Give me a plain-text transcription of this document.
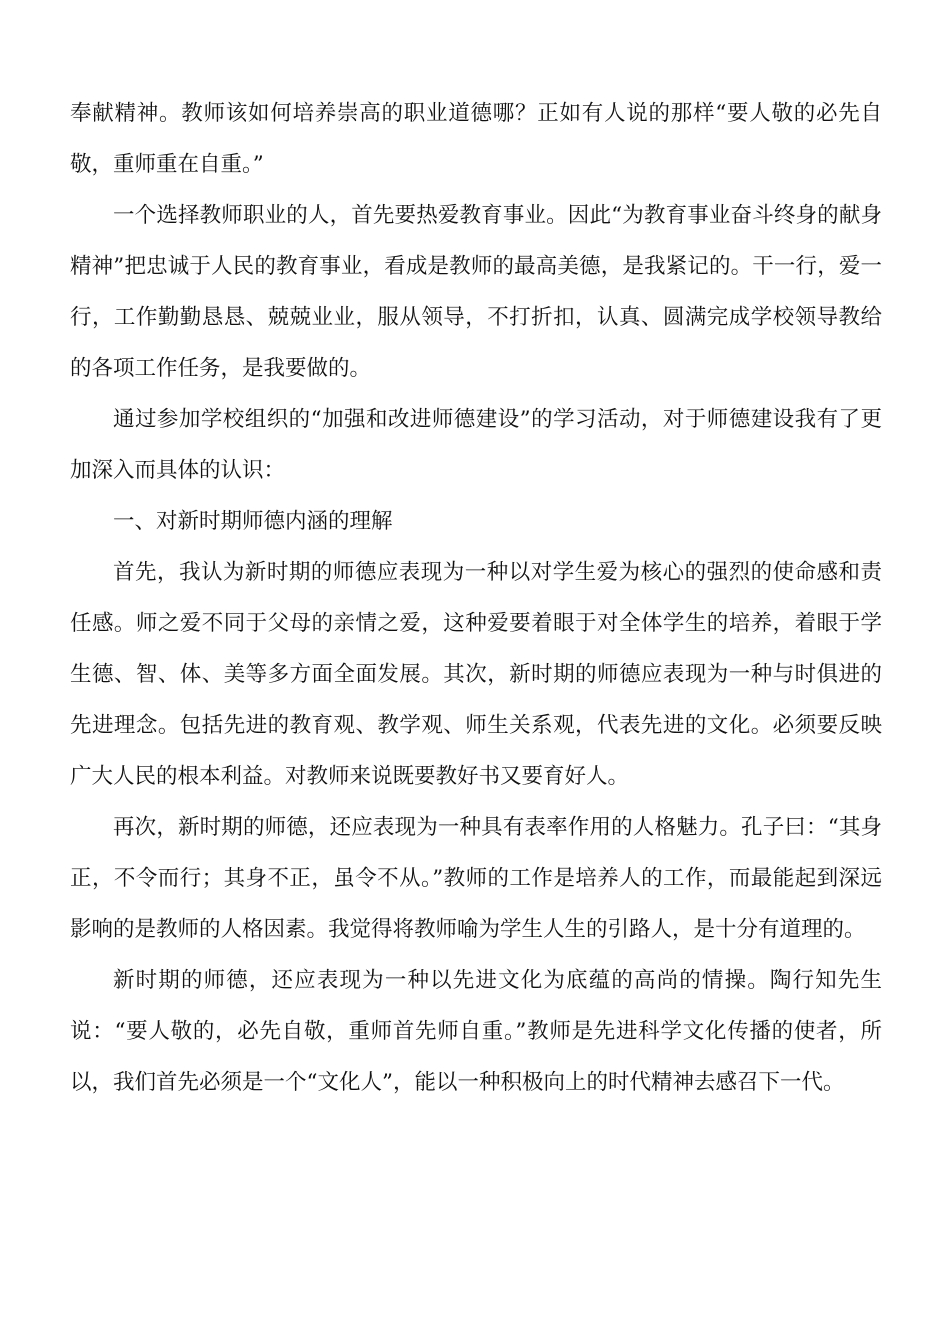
奉献精神。教师该如何培养崇高的职业道德哪？正如有人说的那样“要人敬的必先自敬，重师重在自重。”

一个选择教师职业的人，首先要热爱教育事业。因此“为教育事业奋斗终身的献身精神”把忠诚于人民的教育事业，看成是教师的最高美德，是我紧记的。干一行，爱一行，工作勤勤恳恳、兢兢业业，服从领导，不打折扣，认真、圆满完成学校领导教给的各项工作任务，是我要做的。

通过参加学校组织的“加强和改进师德建设”的学习活动，对于师德建设我有了更加深入而具体的认识：

一、对新时期师德内涵的理解

首先，我认为新时期的师德应表现为一种以对学生爱为核心的强烈的使命感和责任感。师之爱不同于父母的亲情之爱，这种爱要着眼于对全体学生的培养，着眼于学生德、智、体、美等多方面全面发展。其次，新时期的师德应表现为一种与时俱进的先进理念。包括先进的教育观、教学观、师生关系观，代表先进的文化。必须要反映广大人民的根本利益。对教师来说既要教好书又要育好人。

再次，新时期的师德，还应表现为一种具有表率作用的人格魅力。孔子曰：“其身正，不令而行；其身不正，虽令不从。”教师的工作是培养人的工作，而最能起到深远影响的是教师的人格因素。我觉得将教师喻为学生人生的引路人，是十分有道理的。

新时期的师德，还应表现为一种以先进文化为底蕴的高尚的情操。陶行知先生说：“要人敬的，必先自敬，重师首先师自重。”教师是先进科学文化传播的使者，所以，我们首先必须是一个“文化人”，能以一种积极向上的时代精神去感召下一代。
